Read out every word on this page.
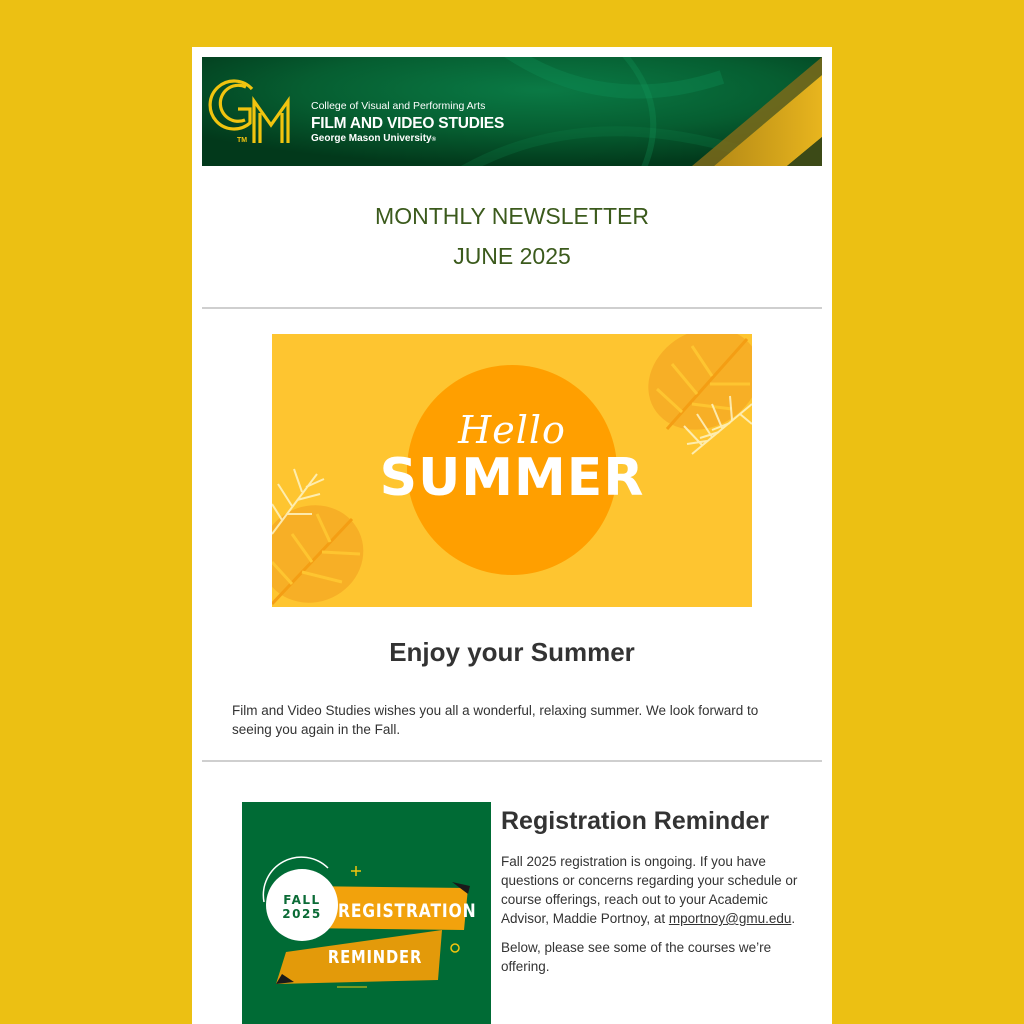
TM
College of Visual and Performing Arts
FILM AND VIDEO STUDIES
George Mason University®
MONTHLY NEWSLETTER
JUNE 2025
Hello
SUMMER
Enjoy your Summer

Film and Video Studies wishes you all a wonderful, relaxing summer. We look forward to seeing you again in the Fall.

FALL
2025 REGISTRATION
REMINDER
Registration Reminder

Fall 2025 registration is ongoing. If you have questions or concerns regarding your schedule or course offerings, reach out to your Academic Advisor, Maddie Portnoy, at mportnoy@gmu.edu.

Below, please see some of the courses we’re offering.
